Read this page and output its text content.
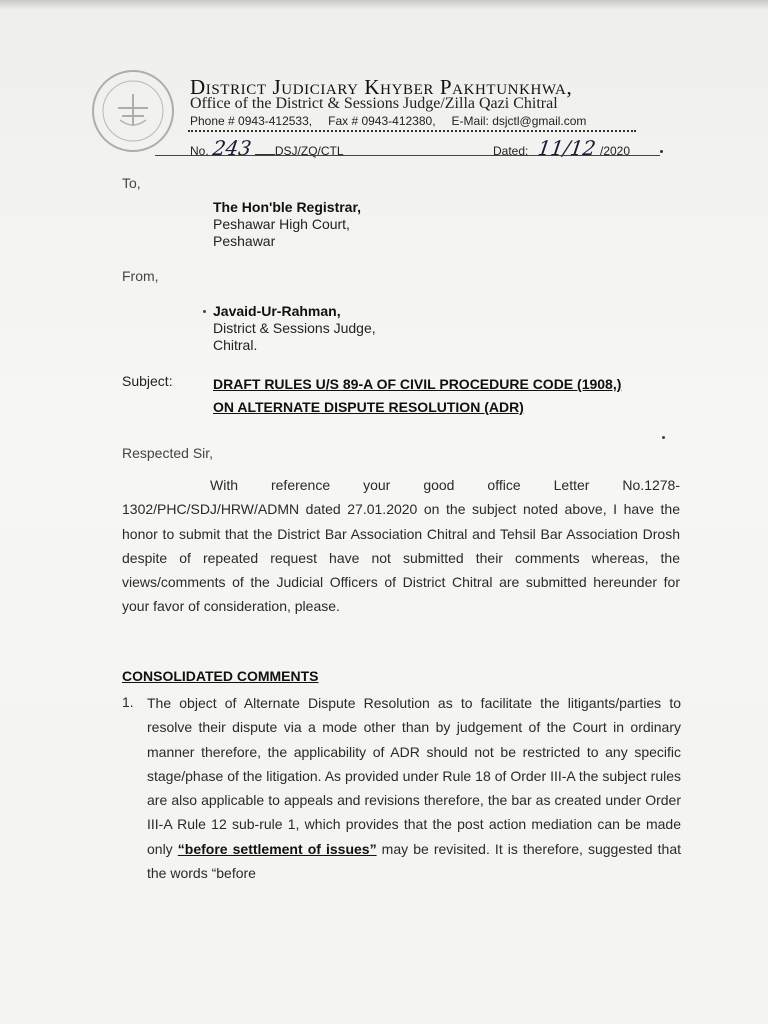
District Judiciary Khyber Pakhtunkhwa,
Office of the District & Sessions Judge/Zilla Qazi Chitral
Phone # 0943-412533, Fax # 0943-412380, E-Mail: dsjctl@gmail.com
No. 243 DSJ/ZQ/CTL	Dated: 11/12 /2020
To,
The Hon'ble Registrar,
Peshawar High Court,
Peshawar
From,
Javaid-Ur-Rahman,
District & Sessions Judge,
Chitral.
Subject:	DRAFT RULES U/S 89-A OF CIVIL PROCEDURE CODE (1908,)
ON ALTERNATE DISPUTE RESOLUTION (ADR)
Respected Sir,
With reference your good office Letter No.1278-1302/PHC/SDJ/HRW/ADMN dated 27.01.2020 on the subject noted above, I have the honor to submit that the District Bar Association Chitral and Tehsil Bar Association Drosh despite of repeated request have not submitted their comments whereas, the views/comments of the Judicial Officers of District Chitral are submitted hereunder for your favor of consideration, please.
CONSOLIDATED COMMENTS
1. The object of Alternate Dispute Resolution as to facilitate the litigants/parties to resolve their dispute via a mode other than by judgement of the Court in ordinary manner therefore, the applicability of ADR should not be restricted to any specific stage/phase of the litigation. As provided under Rule 18 of Order III-A the subject rules are also applicable to appeals and revisions therefore, the bar as created under Order III-A Rule 12 sub-rule 1, which provides that the post action mediation can be made only “before settlement of issues” may be revisited. It is therefore, suggested that the words “before
